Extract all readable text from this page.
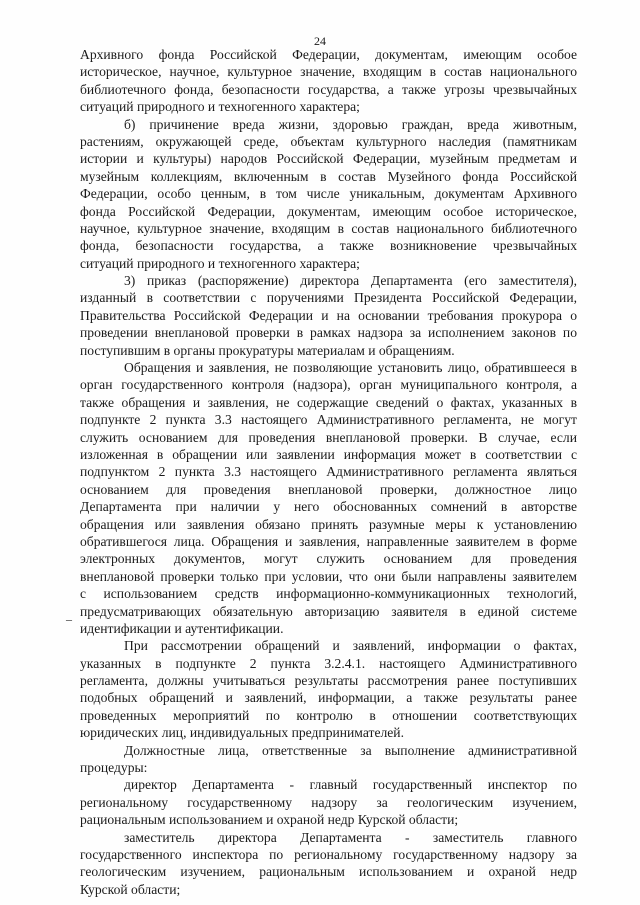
24
–
Архивного фонда Российской Федерации, документам, имеющим особое
историческое, научное, культурное значение, входящим в состав национального
библиотечного фонда, безопасности государства, а также угрозы чрезвычайных
ситуаций природного и техногенного характера;
б) причинение вреда жизни, здоровью граждан, вреда животным,
растениям, окружающей среде, объектам культурного наследия (памятникам
истории и культуры) народов Российской Федерации, музейным предметам и
музейным коллекциям, включенным в состав Музейного фонда Российской
Федерации, особо ценным, в том числе уникальным, документам Архивного
фонда Российской Федерации, документам, имеющим особое историческое,
научное, культурное значение, входящим в состав национального библиотечного
фонда, безопасности государства, а также возникновение чрезвычайных
ситуаций природного и техногенного характера;
3) приказ (распоряжение) директора Департамента (его заместителя),
изданный в соответствии с поручениями Президента Российской Федерации,
Правительства Российской Федерации и на основании требования прокурора о
проведении внеплановой проверки в рамках надзора за исполнением законов по
поступившим в органы прокуратуры материалам и обращениям.
Обращения и заявления, не позволяющие установить лицо, обратившееся в
орган государственного контроля (надзора), орган муниципального контроля, а
также обращения и заявления, не содержащие сведений о фактах, указанных в
подпункте 2 пункта 3.3 настоящего Административного регламента, не могут
служить основанием для проведения внеплановой проверки. В случае, если
изложенная в обращении или заявлении информация может в соответствии с
подпунктом 2 пункта 3.3 настоящего Административного регламента являться
основанием для проведения внеплановой проверки, должностное лицо
Департамента при наличии у него обоснованных сомнений в авторстве
обращения или заявления обязано принять разумные меры к установлению
обратившегося лица. Обращения и заявления, направленные заявителем в форме
электронных документов, могут служить основанием для проведения
внеплановой проверки только при условии, что они были направлены заявителем
с использованием средств информационно-коммуникационных технологий,
предусматривающих обязательную авторизацию заявителя в единой системе
идентификации и аутентификации.
При рассмотрении обращений и заявлений, информации о фактах,
указанных в подпункте 2 пункта 3.2.4.1. настоящего Административного
регламента, должны учитываться результаты рассмотрения ранее поступивших
подобных обращений и заявлений, информации, а также результаты ранее
проведенных мероприятий по контролю в отношении соответствующих
юридических лиц, индивидуальных предпринимателей.
Должностные лица, ответственные за выполнение административной
процедуры:
директор Департамента - главный государственный инспектор по
региональному государственному надзору за геологическим изучением,
рациональным использованием и охраной недр Курской области;
заместитель директора Департамента - заместитель главного
государственного инспектора по региональному государственному надзору за
геологическим изучением, рациональным использованием и охраной недр
Курской области;
